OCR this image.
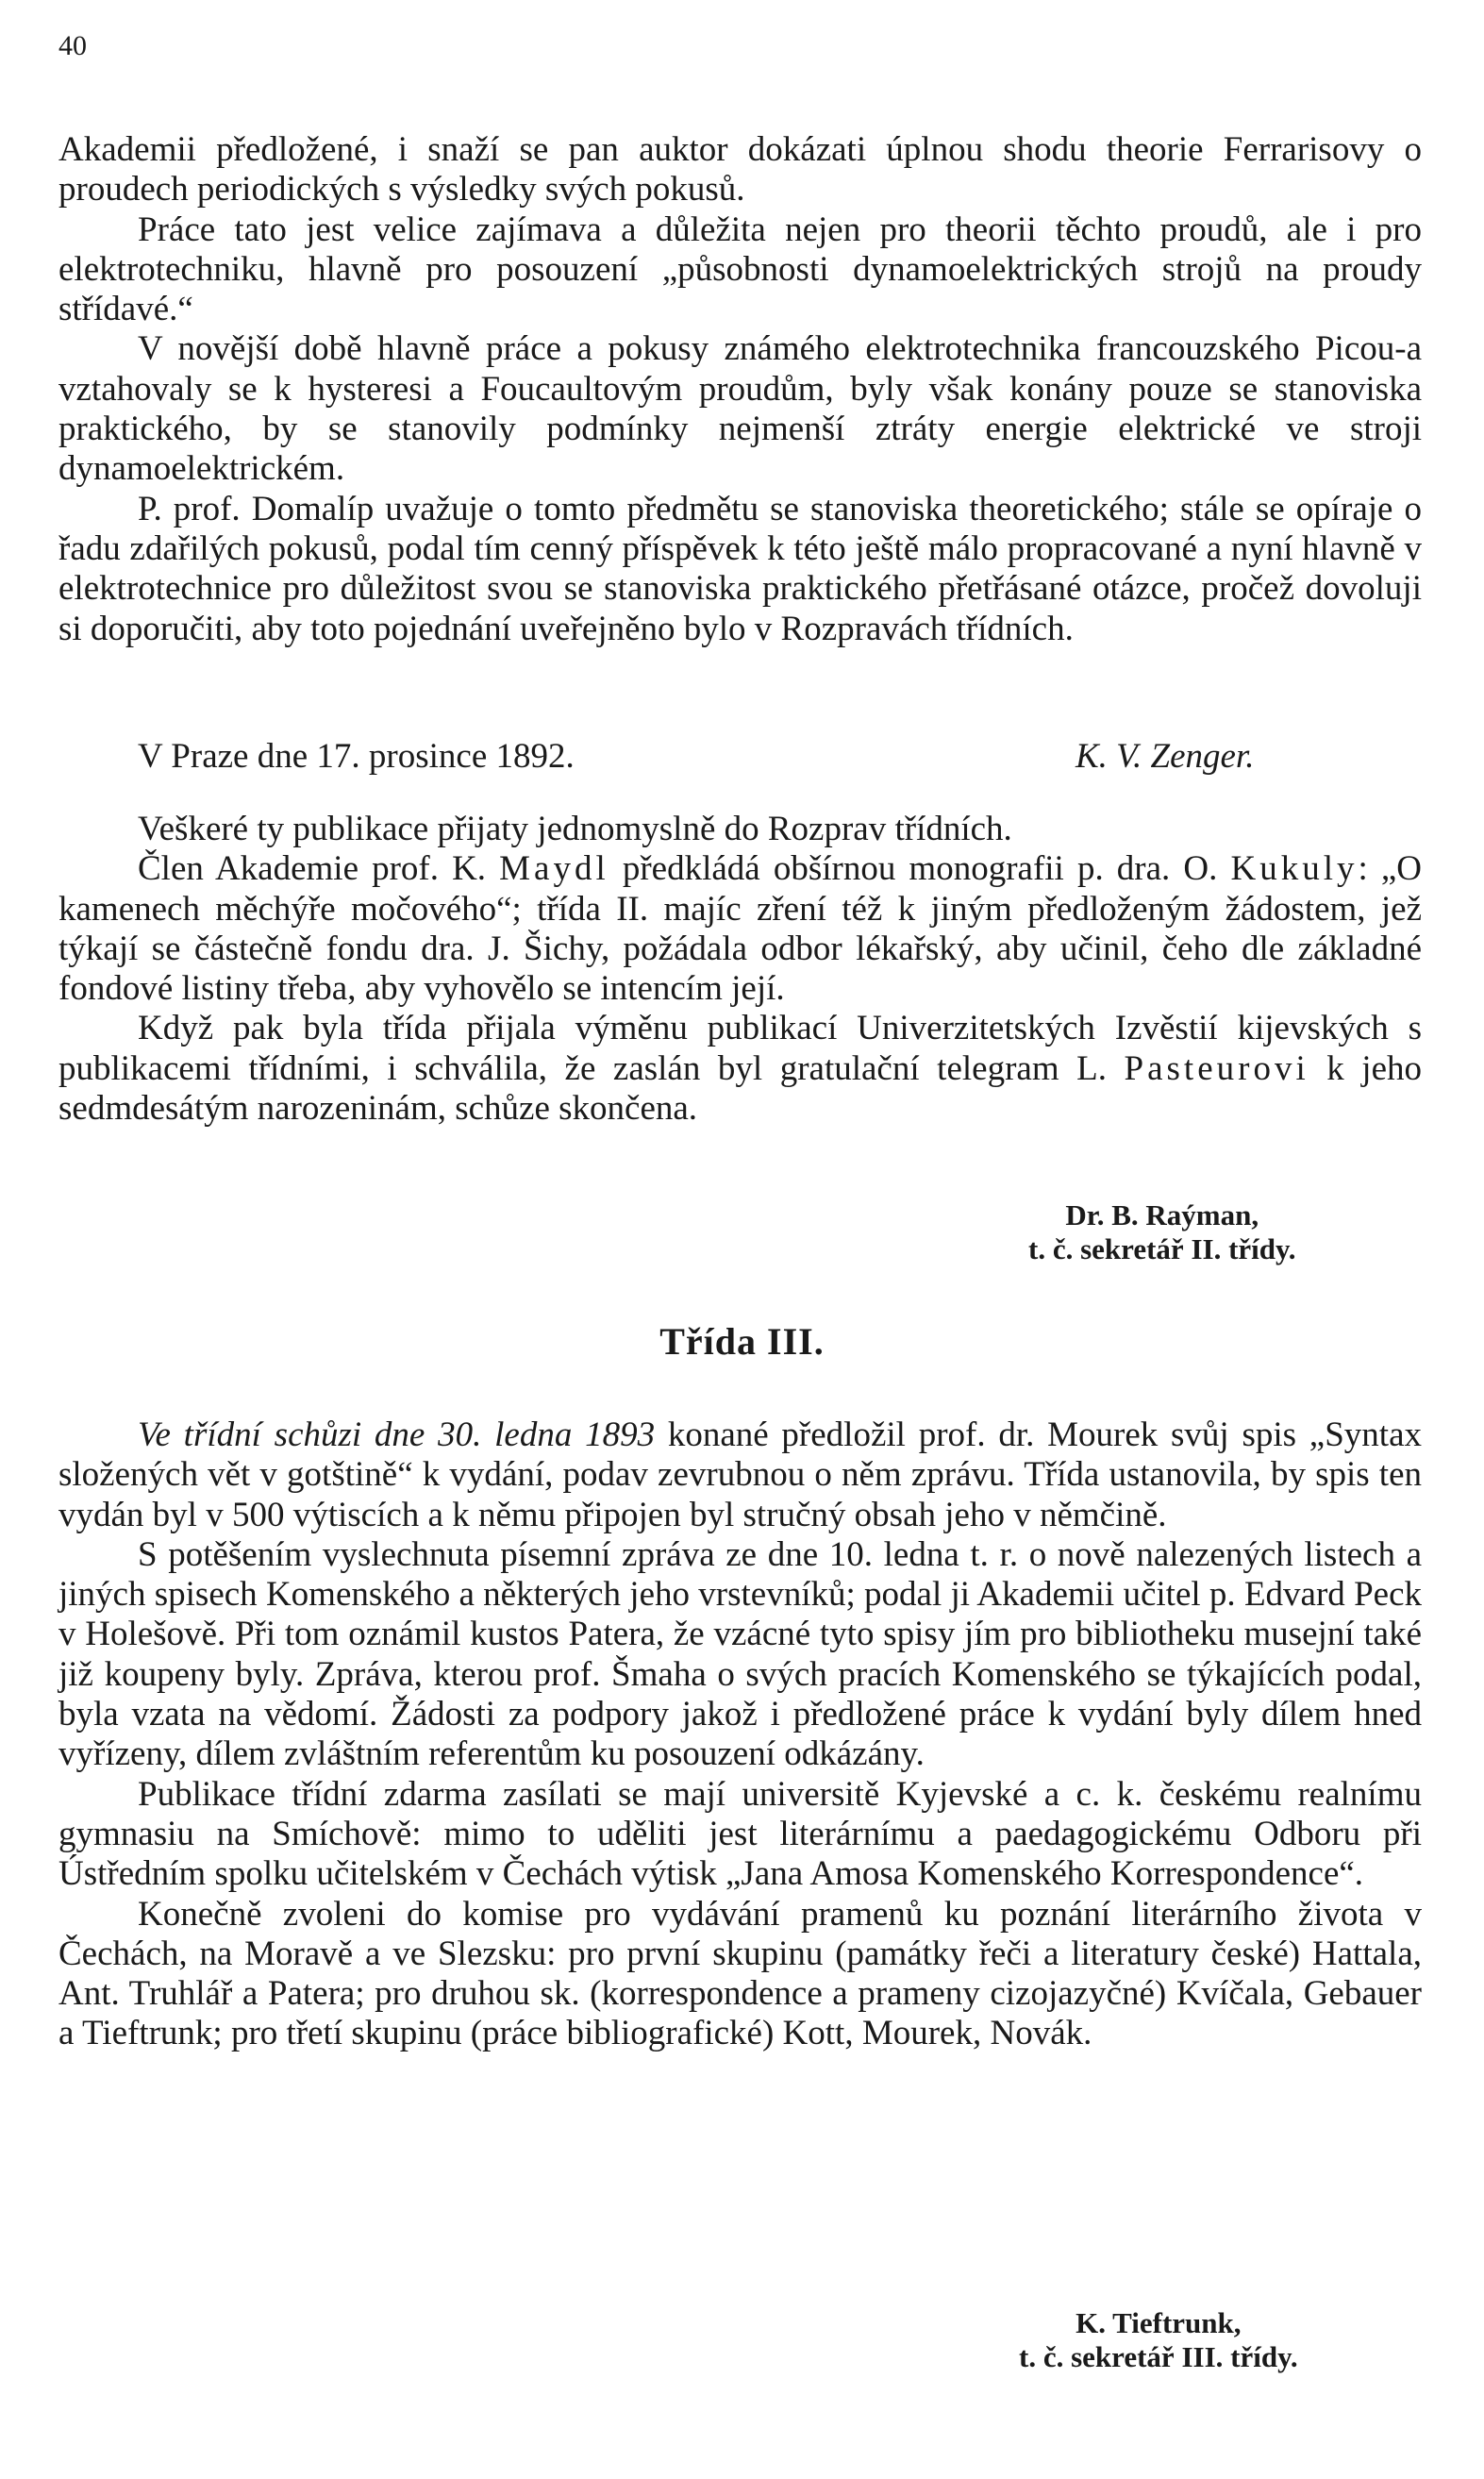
40

Akademii předložené, i snaží se pan auktor dokázati úplnou shodu theorie Ferrarisovy o proudech periodických s výsledky svých pokusů.

Práce tato jest velice zajímava a důležita nejen pro theorii těchto proudů, ale i pro elektrotechniku, hlavně pro posouzení „působnosti dynamoelektrických strojů na proudy střídavé.“

V novější době hlavně práce a pokusy známého elektrotechnika francouzského Picou-a vztahovaly se k hysteresi a Foucaultovým proudům, byly však konány pouze se stanoviska praktického, by se stanovily podmínky nejmenší ztráty energie elektrické ve stroji dynamoelektrickém.

P. prof. Domalíp uvažuje o tomto předmětu se stanoviska theoretického; stále se opíraje o řadu zdařilých pokusů, podal tím cenný příspěvek k této ještě málo propracované a nyní hlavně v elektrotechnice pro důležitost svou se stanoviska praktického přetřásané otázce, pročež dovoluji si doporučiti, aby toto pojednání uveřejněno bylo v Rozpravách třídních.

V Praze dne 17. prosince 1892.	K. V. Zenger.

Veškeré ty publikace přijaty jednomyslně do Rozprav třídních.

Člen Akademie prof. K. Maydl předkládá obšírnou monografii p. dra. O. Kukuly: „O kamenech měchýře močového“; třída II. majíc zření též k jiným předloženým žádostem, jež týkají se částečně fondu dra. J. Šichy, požádala odbor lékařský, aby učinil, čeho dle základné fondové listiny třeba, aby vyhovělo se intencím její.

Když pak byla třída přijala výměnu publikací Univerzitetských Izvěstií kijevských s publikacemi třídními, i schválila, že zaslán byl gratulační telegram L. Pasteurovi k jeho sedmdesátým narozeninám, schůze skončena.

Dr. B. Raýman,
t. č. sekretář II. třídy.
Třída III.

Ve třídní schůzi dne 30. ledna 1893 konané předložil prof. dr. Mourek svůj spis „Syntax složených vět v gotštině“ k vydání, podav zevrubnou o něm zprávu. Třída ustanovila, by spis ten vydán byl v 500 výtiscích a k němu připojen byl stručný obsah jeho v němčině.

S potěšením vyslechnuta písemní zpráva ze dne 10. ledna t. r. o nově nalezených listech a jiných spisech Komenského a některých jeho vrstevníků; podal ji Akademii učitel p. Edvard Peck v Holešově. Při tom oznámil kustos Patera, že vzácné tyto spisy jím pro bibliotheku musejní také již koupeny byly. Zpráva, kterou prof. Šmaha o svých pracích Komenského se týkajících podal, byla vzata na vědomí. Žádosti za podpory jakož i předložené práce k vydání byly dílem hned vyřízeny, dílem zvláštním referentům ku posouzení odkázány.

Publikace třídní zdarma zasílati se mají universitě Kyjevské a c. k. českému realnímu gymnasiu na Smíchově: mimo to uděliti jest literárnímu a paedagogickému Odboru při Ústředním spolku učitelském v Čechách výtisk „Jana Amosa Komenského Korrespondence“.

Konečně zvoleni do komise pro vydávání pramenů ku poznání literárního života v Čechách, na Moravě a ve Slezsku: pro první skupinu (památky řeči a literatury české) Hattala, Ant. Truhlář a Patera; pro druhou sk. (korrespondence a prameny cizojazyčné) Kvíčala, Gebauer a Tieftrunk; pro třetí skupinu (práce bibliografické) Kott, Mourek, Novák.

K. Tieftrunk,
t. č. sekretář III. třídy.
